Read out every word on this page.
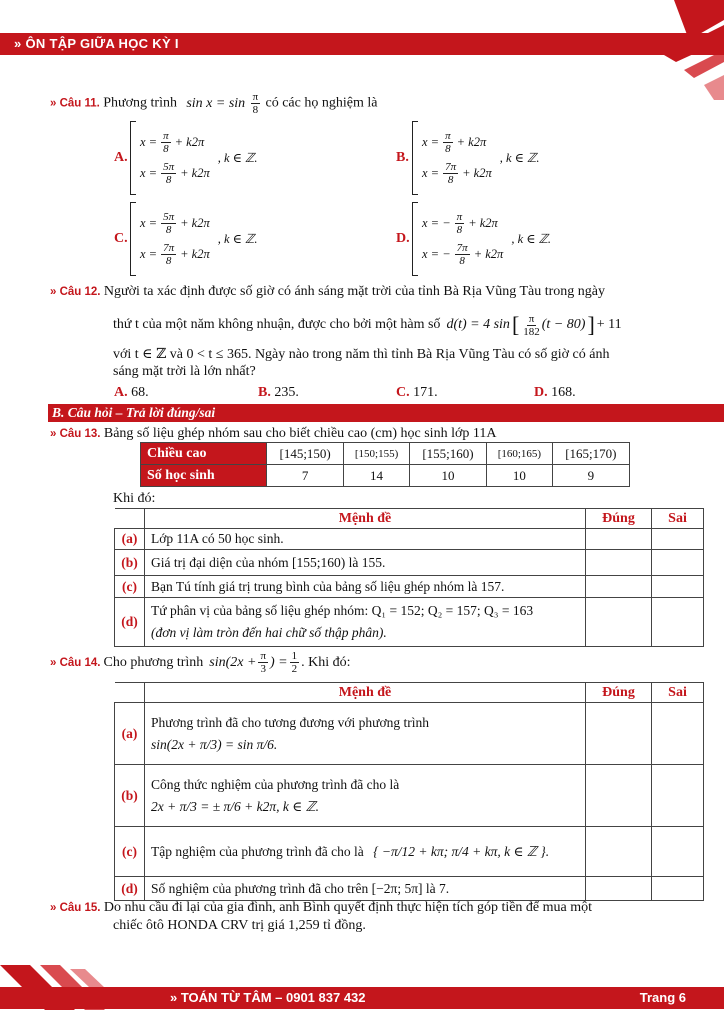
» ÔN TẬP GIỮA HỌC KỲ I
» Câu 11. Phương trình $\sin x = \sin \frac{\pi}{8}$ có các họ nghiệm là
A.
$x = \frac{\pi}{8} + k2\pi$
$x = \frac{5\pi}{8} + k2\pi$
, k ∈ ℤ.	B.
$x = \frac{\pi}{8} + k2\pi$
$x = \frac{7\pi}{8} + k2\pi$
, k ∈ ℤ.
C.
$x = \frac{5\pi}{8} + k2\pi$
$x = \frac{7\pi}{8} + k2\pi$
, k ∈ ℤ.	D.
x = − $\frac{\pi}{8} + k2\pi$
x = − $\frac{7\pi}{8} + k2\pi$
, k ∈ ℤ.
» Câu 12. Người ta xác định được số giờ có ánh sáng mặt trời của tỉnh Bà Rịa Vũng Tàu trong ngày
thứ t của một năm không nhuận, được cho bởi một hàm số d(t) = 4 sin [ $\frac{\pi}{182} (t - 80)$ ] + 11
với t ∈ ℤ và 0 < t ≤ 365. Ngày nào trong năm thì tỉnh Bà Rịa Vũng Tàu có số giờ có ánh
sáng mặt trời là lớn nhất?
A. 68.	B. 235.	C. 171.	D. 168.
B. Câu hỏi – Trả lời đúng/sai
» Câu 13. Bảng số liệu ghép nhóm sau cho biết chiều cao (cm) học sinh lớp 11A
Chiều cao	[145;150)	[150;155)	[155;160)	[160;165)	[165;170)
Số học sinh	7	14	10	10	9
Khi đó:
	Mệnh đề	Đúng	Sai
(a)	Lớp 11A có 50 học sinh.		
(b)	Giá trị đại diện của nhóm [155;160) là 155.		
(c)	Bạn Tú tính giá trị trung bình của bảng số liệu ghép nhóm là 157.		
(d)	Tứ phân vị của bảng số liệu ghép nhóm: Q₁ = 152; Q₂ = 157; Q₃ = 163
(đơn vị làm tròn đến hai chữ số thập phân).		

» Câu 14. Cho phương trình $\sin(2x + \frac{\pi}{3}$ ) = $\frac{1}{2}$ . Khi đó:
	Mệnh đề	Đúng	Sai
(a)	Phương trình đã cho tương đương với phương trình
sin(2x + π/3) = sin π/6.		

(b)	Công thức nghiệm của phương trình đã cho là
2x + π/3 = ± π/6 + k2π, k ∈ ℤ.		

(c)	Tập nghiệm của phương trình đã cho là { −π/12 + kπ; π/4 + kπ, k ∈ ℤ }.		
(d)	Số nghiệm của phương trình đã cho trên [−2π; 5π] là 7.		
» Câu 15. Do nhu cầu đi lại của gia đình, anh Bình quyết định thực hiện tích góp tiền để mua một
chiếc ôtô HONDA CRV trị giá 1,259 tỉ đồng.
» TOÁN TỪ TÂM – 0901 837 432	Trang 6
